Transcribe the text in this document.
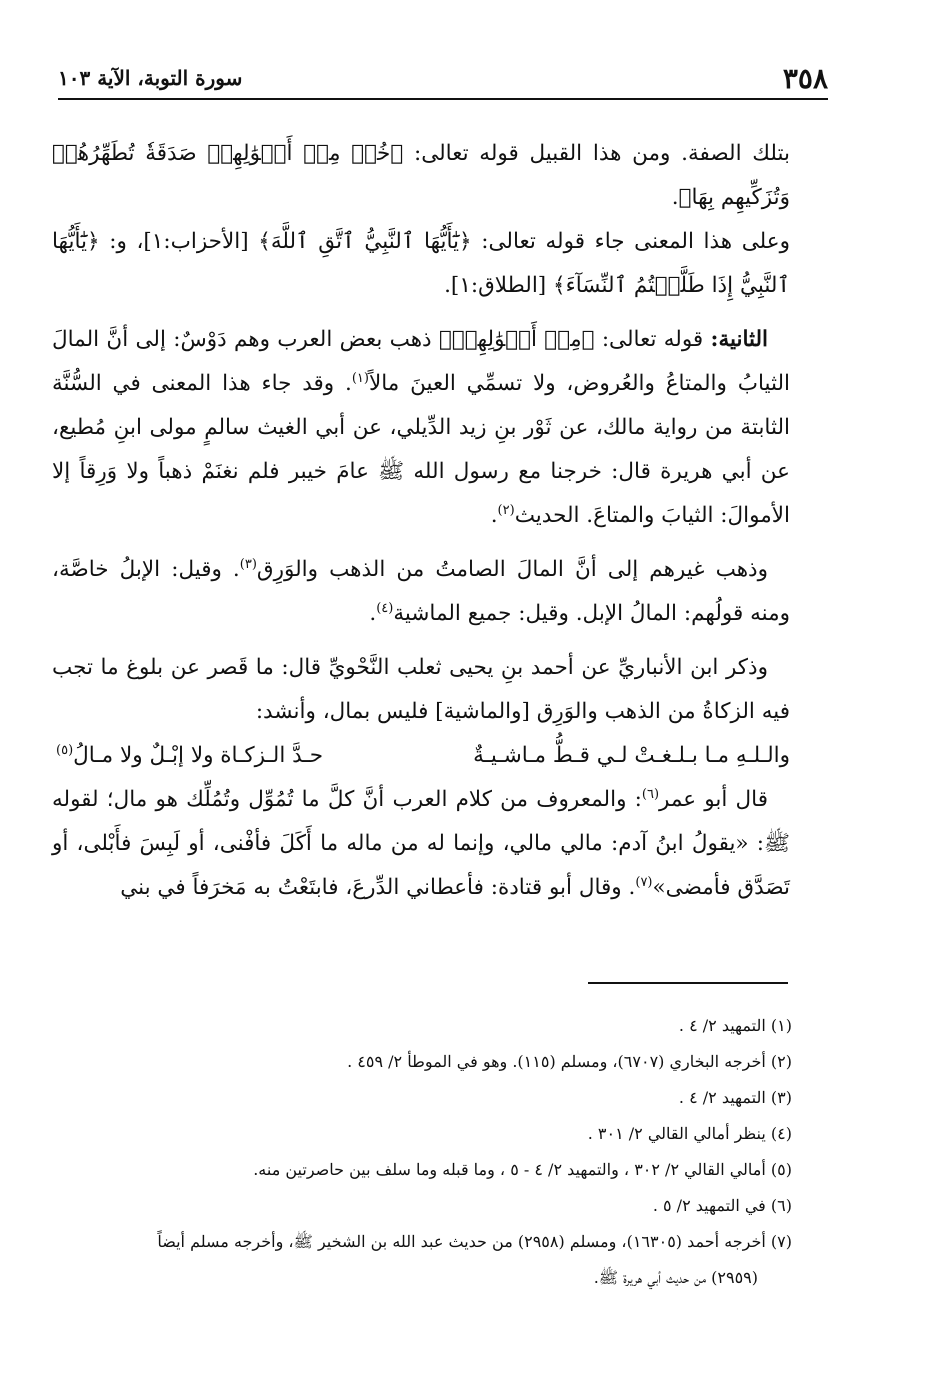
٣٥٨
سورة التوبة، الآية ١٠٣

بتلك الصفة. ومن هذا القبيل قوله تعالى: ﴿خُذۡ مِنۡ أَمۡوَٰلِهِمۡ صَدَقَةٗ تُطَهِّرُهُمۡ وَتُزَكِّيهِم بِهَا﴾.
وعلى هذا المعنى جاء قوله تعالى: ﴿يَٰٓأَيُّهَا ٱلنَّبِيُّ ٱتَّقِ ٱللَّهَ﴾ [الأحزاب:١]، و: ﴿يَٰٓأَيُّهَا ٱلنَّبِيُّ إِذَا طَلَّقۡتُمُ ٱلنِّسَآءَ﴾ [الطلاق:١].

الثانية: قوله تعالى: ﴿مِنۡ أَمۡوَٰلِهِمۡ﴾ ذهب بعض العرب وهم دَوْسٌ: إلى أنَّ المالَ الثيابُ والمتاعُ والعُروض، ولا تسمِّي العينَ مالاً$^{(١)}$. وقد جاء هذا المعنى في السُّنَّة الثابتة من رواية مالك، عن ثَوْر بنِ زيد الدِّيلي، عن أبي الغيث سالمٍ مولى ابنِ مُطيع، عن أبي هريرة قال: خرجنا مع رسول الله ﷺ عامَ خيبر فلم نغنَمْ ذهباً ولا وَرِقاً إلا الأموالَ: الثيابَ والمتاعَ. الحديث$^{(٢)}$.

وذهب غيرهم إلى أنَّ المالَ الصامتُ من الذهب والوَرِق$^{(٣)}$. وقيل: الإبلُ خاصَّة، ومنه قولُهم: المالُ الإبل. وقيل: جميع الماشية$^{(٤)}$.

وذكر ابن الأنباريِّ عن أحمد بنِ يحيى ثعلب النَّحْويِّ قال: ما قَصر عن بلوغ ما تجب فيه الزكاةُ من الذهب والوَرِق [والماشية] فليس بمال، وأنشد:

والـلـهِ مـا بـلـغـتْ لـي قـطُّ مـاشـيـةٌ
حـدَّ الـزكـاة ولا إبْـلٌ ولا مـالُ$^{(٥)}$

قال أبو عمر$^{(٦)}$: والمعروف من كلام العرب أنَّ كلَّ ما تُمُوِّل وتُمُلِّك هو مال؛ لقوله ﷺ: «يقولُ ابنُ آدم: مالي مالي، وإنما له من ماله ما أَكَلَ فأفْنى، أو لَبِسَ فأَبْلى، أو تَصَدَّق فأمضى»$^{(٧)}$. وقال أبو قتادة: فأعطاني الدِّرعَ، فابتَعْتُ به مَخرَفاً في بني

(١) التمهيد ٢/ ٤ .

(٢) أخرجه البخاري (٦٧٠٧)، ومسلم (١١٥). وهو في الموطأ ٢/ ٤٥٩ .

(٣) التمهيد ٢/ ٤ .

(٤) ينظر أمالي القالي ٢/ ٣٠١ .

(٥) أمالي القالي ٢/ ٣٠٢ ، والتمهيد ٢/ ٤ - ٥ ، وما قبله وما سلف بين حاصرتين منه.

(٦) في التمهيد ٢/ ٥ .

(٧) أخرجه أحمد (١٦٣٠٥)، ومسلم (٢٩٥٨) من حديث عبد الله بن الشخير ﷺ، وأخرجه مسلم أيضاً

(٢٩٥٩) من حديث أبي هريرة ﷺ.
